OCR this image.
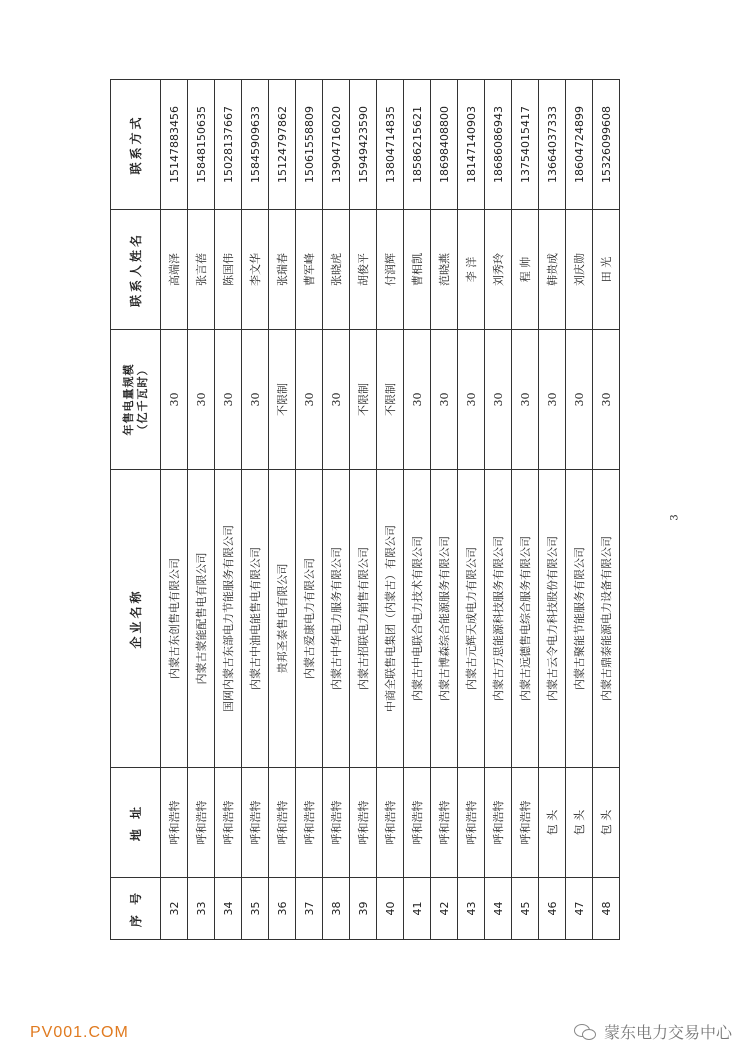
序 号	地 址	企业名称	年售电量规模 （亿千瓦时）	联系人姓名	联系方式
32	呼和浩特	内蒙古东创售电有限公司	30	高端泽	15147883456
33	呼和浩特	内蒙古蒙能配售电有限公司	30	张言蓓	15848150635
34	呼和浩特	国网内蒙古东部电力节能服务有限公司	30	陈国伟	15028137667
35	呼和浩特	内蒙古中油电能售电有限公司	30	李文华	15845909633
36	呼和浩特	贵邦圣泰售电有限公司	不限制	张瑞春	15124797862
37	呼和浩特	内蒙古爱康电力有限公司	30	曹军峰	15061558809
38	呼和浩特	内蒙古中华电力服务有限公司	30	张晓虎	13904716020
39	呼和浩特	内蒙古招联电力销售有限公司	不限制	胡俊平	15949423590
40	呼和浩特	中商全联售电集团（内蒙古）有限公司	不限制	付润辉	13804714835
41	呼和浩特	内蒙古中电联合电力技术有限公司	30	曹相凯	18586215621
42	呼和浩特	内蒙古博森综合能源服务有限公司	30	范晓燕	18698408800
43	呼和浩特	内蒙古元辉天成电力有限公司	30	李 洋	18147140903
44	呼和浩特	内蒙古万思能源科技服务有限公司	30	刘秀玲	18686086943
45	呼和浩特	内蒙古远德售电综合服务有限公司	30	程 帅	13754015417
46	包 头	内蒙古云令电力科技股份有限公司	30	韩贵成	13664037333
47	包 头	内蒙古聚能节能服务有限公司	30	刘庆勋	18604724899
48	包 头	内蒙古鼎泰能源电力设备有限公司	30	田 光	15326099608
3
PV001.COM	蒙东电力交易中心
